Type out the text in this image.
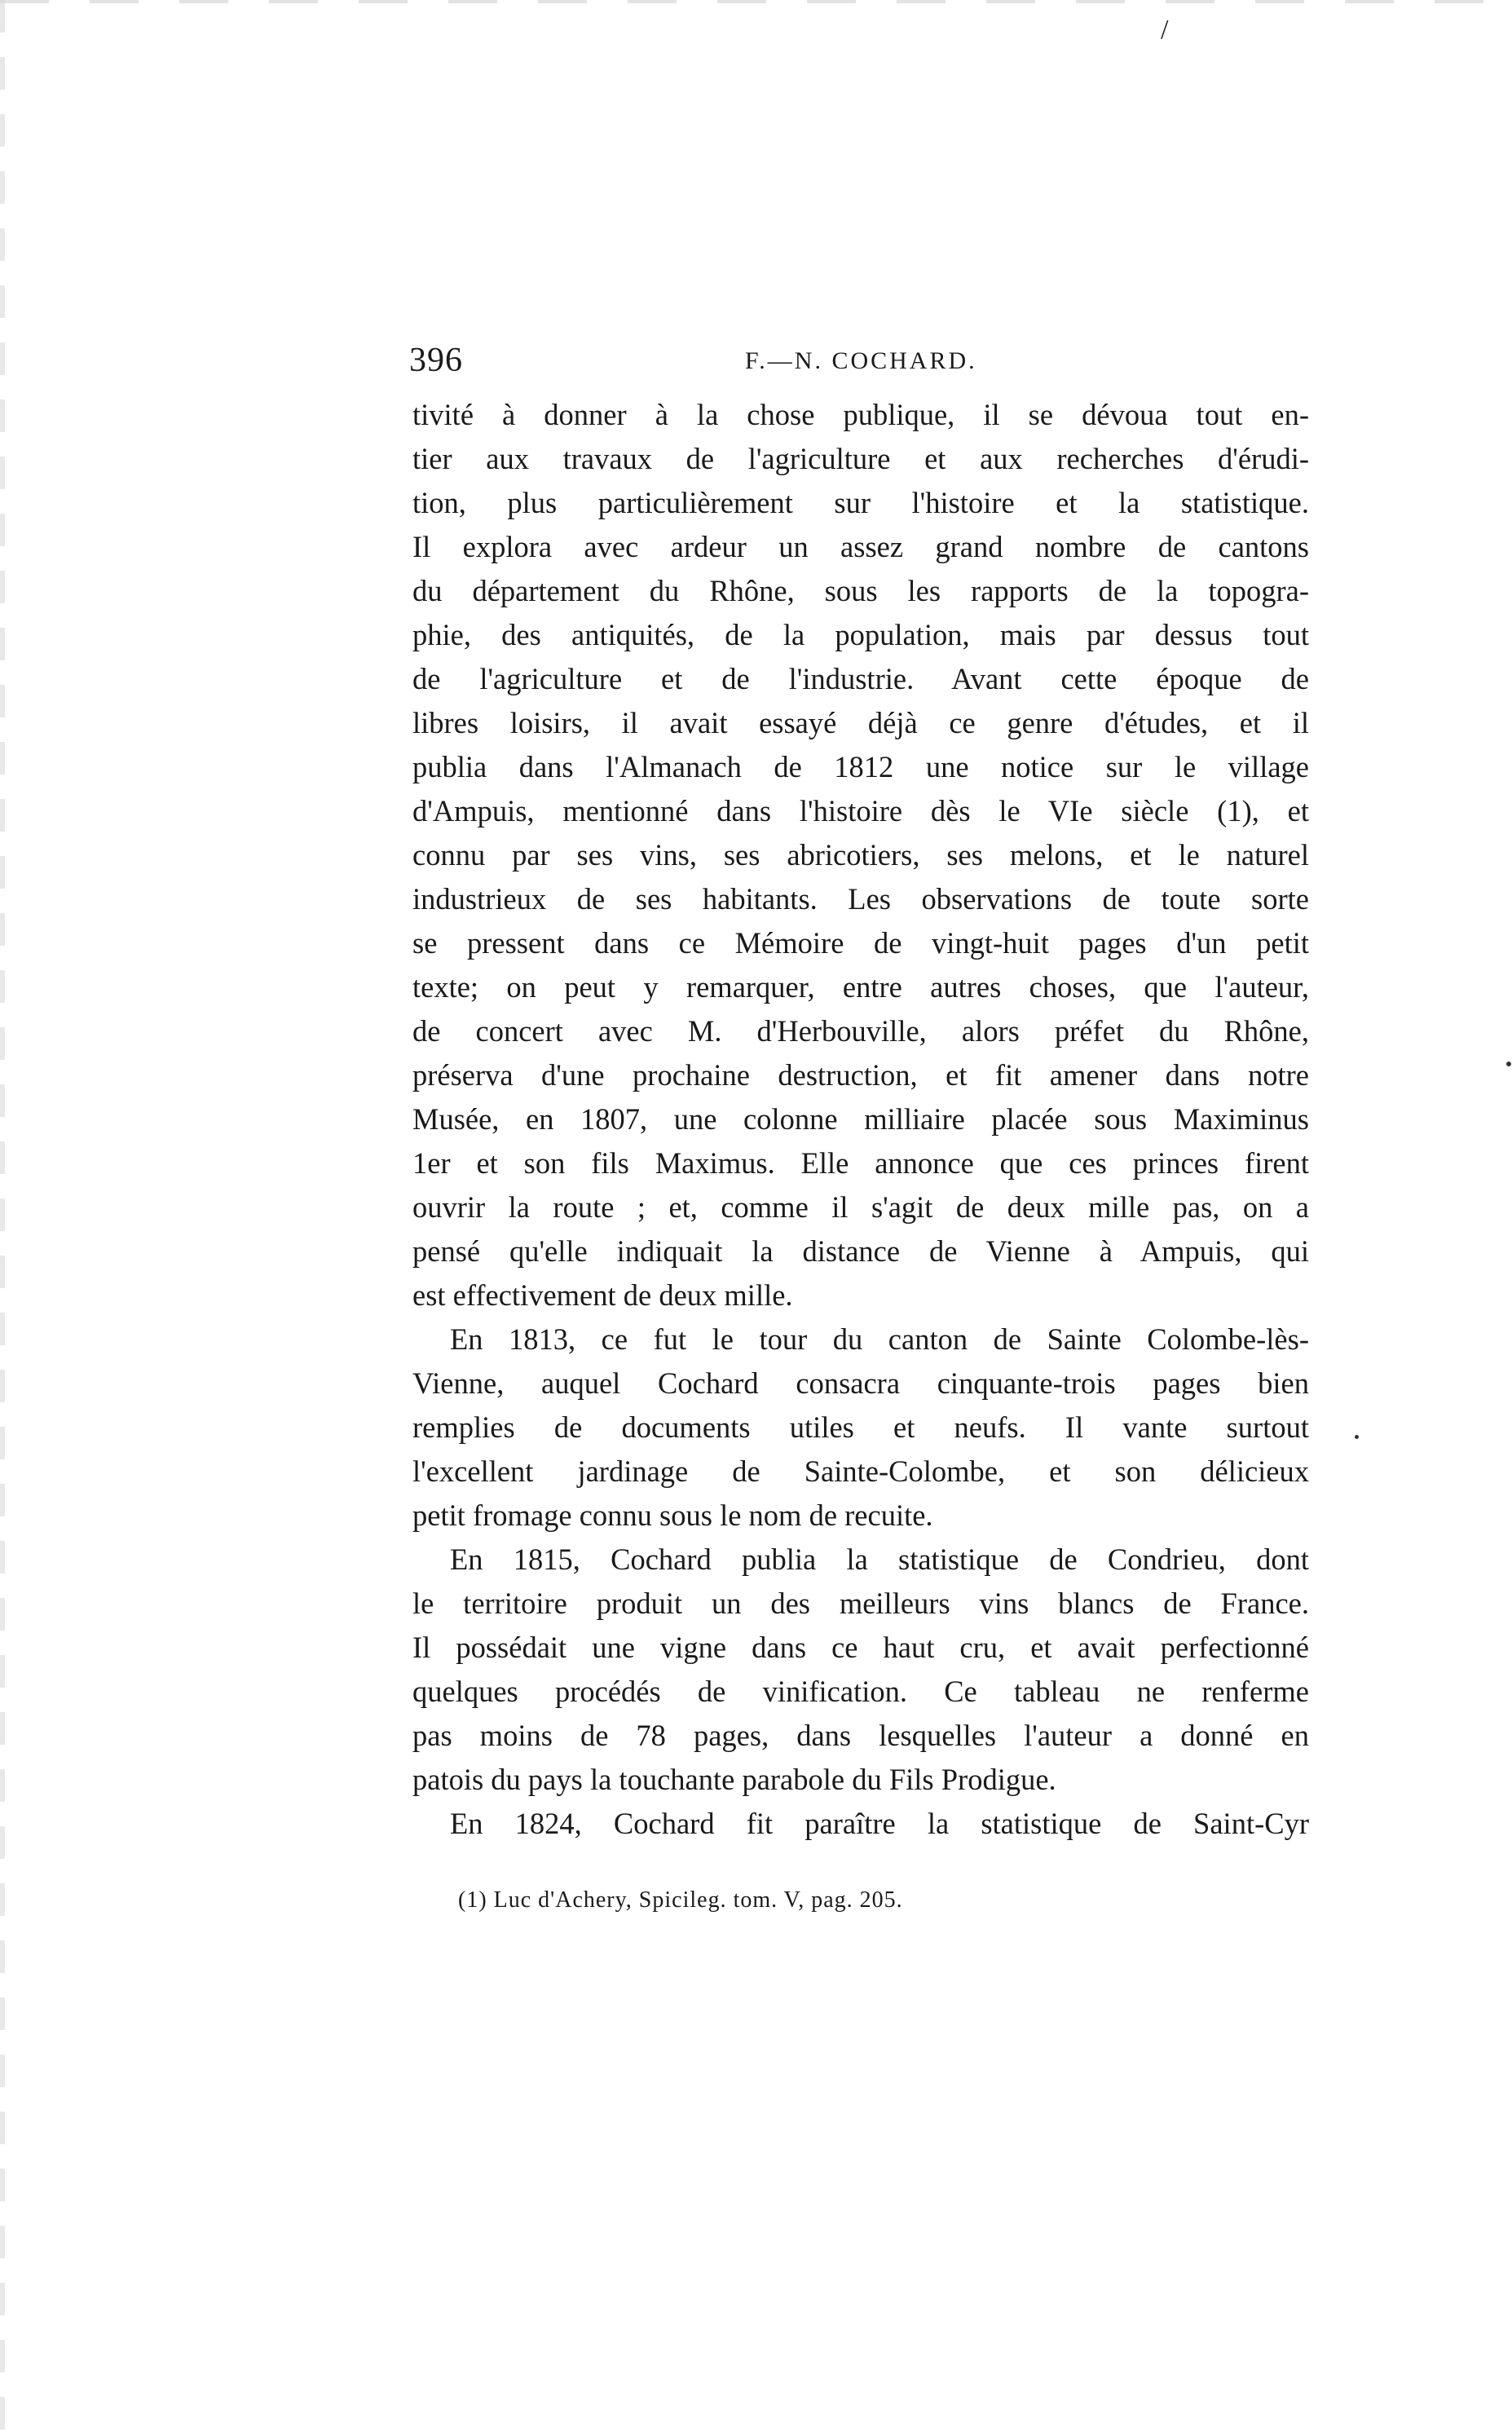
/
396	F.—N. COCHARD.
tivité à donner à la chose publique, il se dévoua tout en-
tier aux travaux de l'agriculture et aux recherches d'érudi-
tion, plus particulièrement sur l'histoire et la statistique.
Il explora avec ardeur un assez grand nombre de cantons
du département du Rhône, sous les rapports de la topogra-
phie, des antiquités, de la population, mais par dessus tout
de l'agriculture et de l'industrie. Avant cette époque de
libres loisirs, il avait essayé déjà ce genre d'études, et il
publia dans l'Almanach de 1812 une notice sur le village
d'Ampuis, mentionné dans l'histoire dès le VIe siècle (1), et
connu par ses vins, ses abricotiers, ses melons, et le naturel
industrieux de ses habitants. Les observations de toute sorte
se pressent dans ce Mémoire de vingt-huit pages d'un petit
texte; on peut y remarquer, entre autres choses, que l'auteur,
de concert avec M. d'Herbouville, alors préfet du Rhône,
préserva d'une prochaine destruction, et fit amener dans notre
Musée, en 1807, une colonne milliaire placée sous Maximinus
1er et son fils Maximus. Elle annonce que ces princes firent
ouvrir la route ; et, comme il s'agit de deux mille pas, on a
pensé qu'elle indiquait la distance de Vienne à Ampuis, qui
est effectivement de deux mille.
En 1813, ce fut le tour du canton de Sainte Colombe-lès-
Vienne, auquel Cochard consacra cinquante-trois pages bien
remplies de documents utiles et neufs. Il vante surtout
l'excellent jardinage de Sainte-Colombe, et son délicieux
petit fromage connu sous le nom de recuite.
En 1815, Cochard publia la statistique de Condrieu, dont
le territoire produit un des meilleurs vins blancs de France.
Il possédait une vigne dans ce haut cru, et avait perfectionné
quelques procédés de vinification. Ce tableau ne renferme
pas moins de 78 pages, dans lesquelles l'auteur a donné en
patois du pays la touchante parabole du Fils Prodigue.
En 1824, Cochard fit paraître la statistique de Saint-Cyr
(1) Luc d'Achery, Spicileg. tom. V, pag. 205.
